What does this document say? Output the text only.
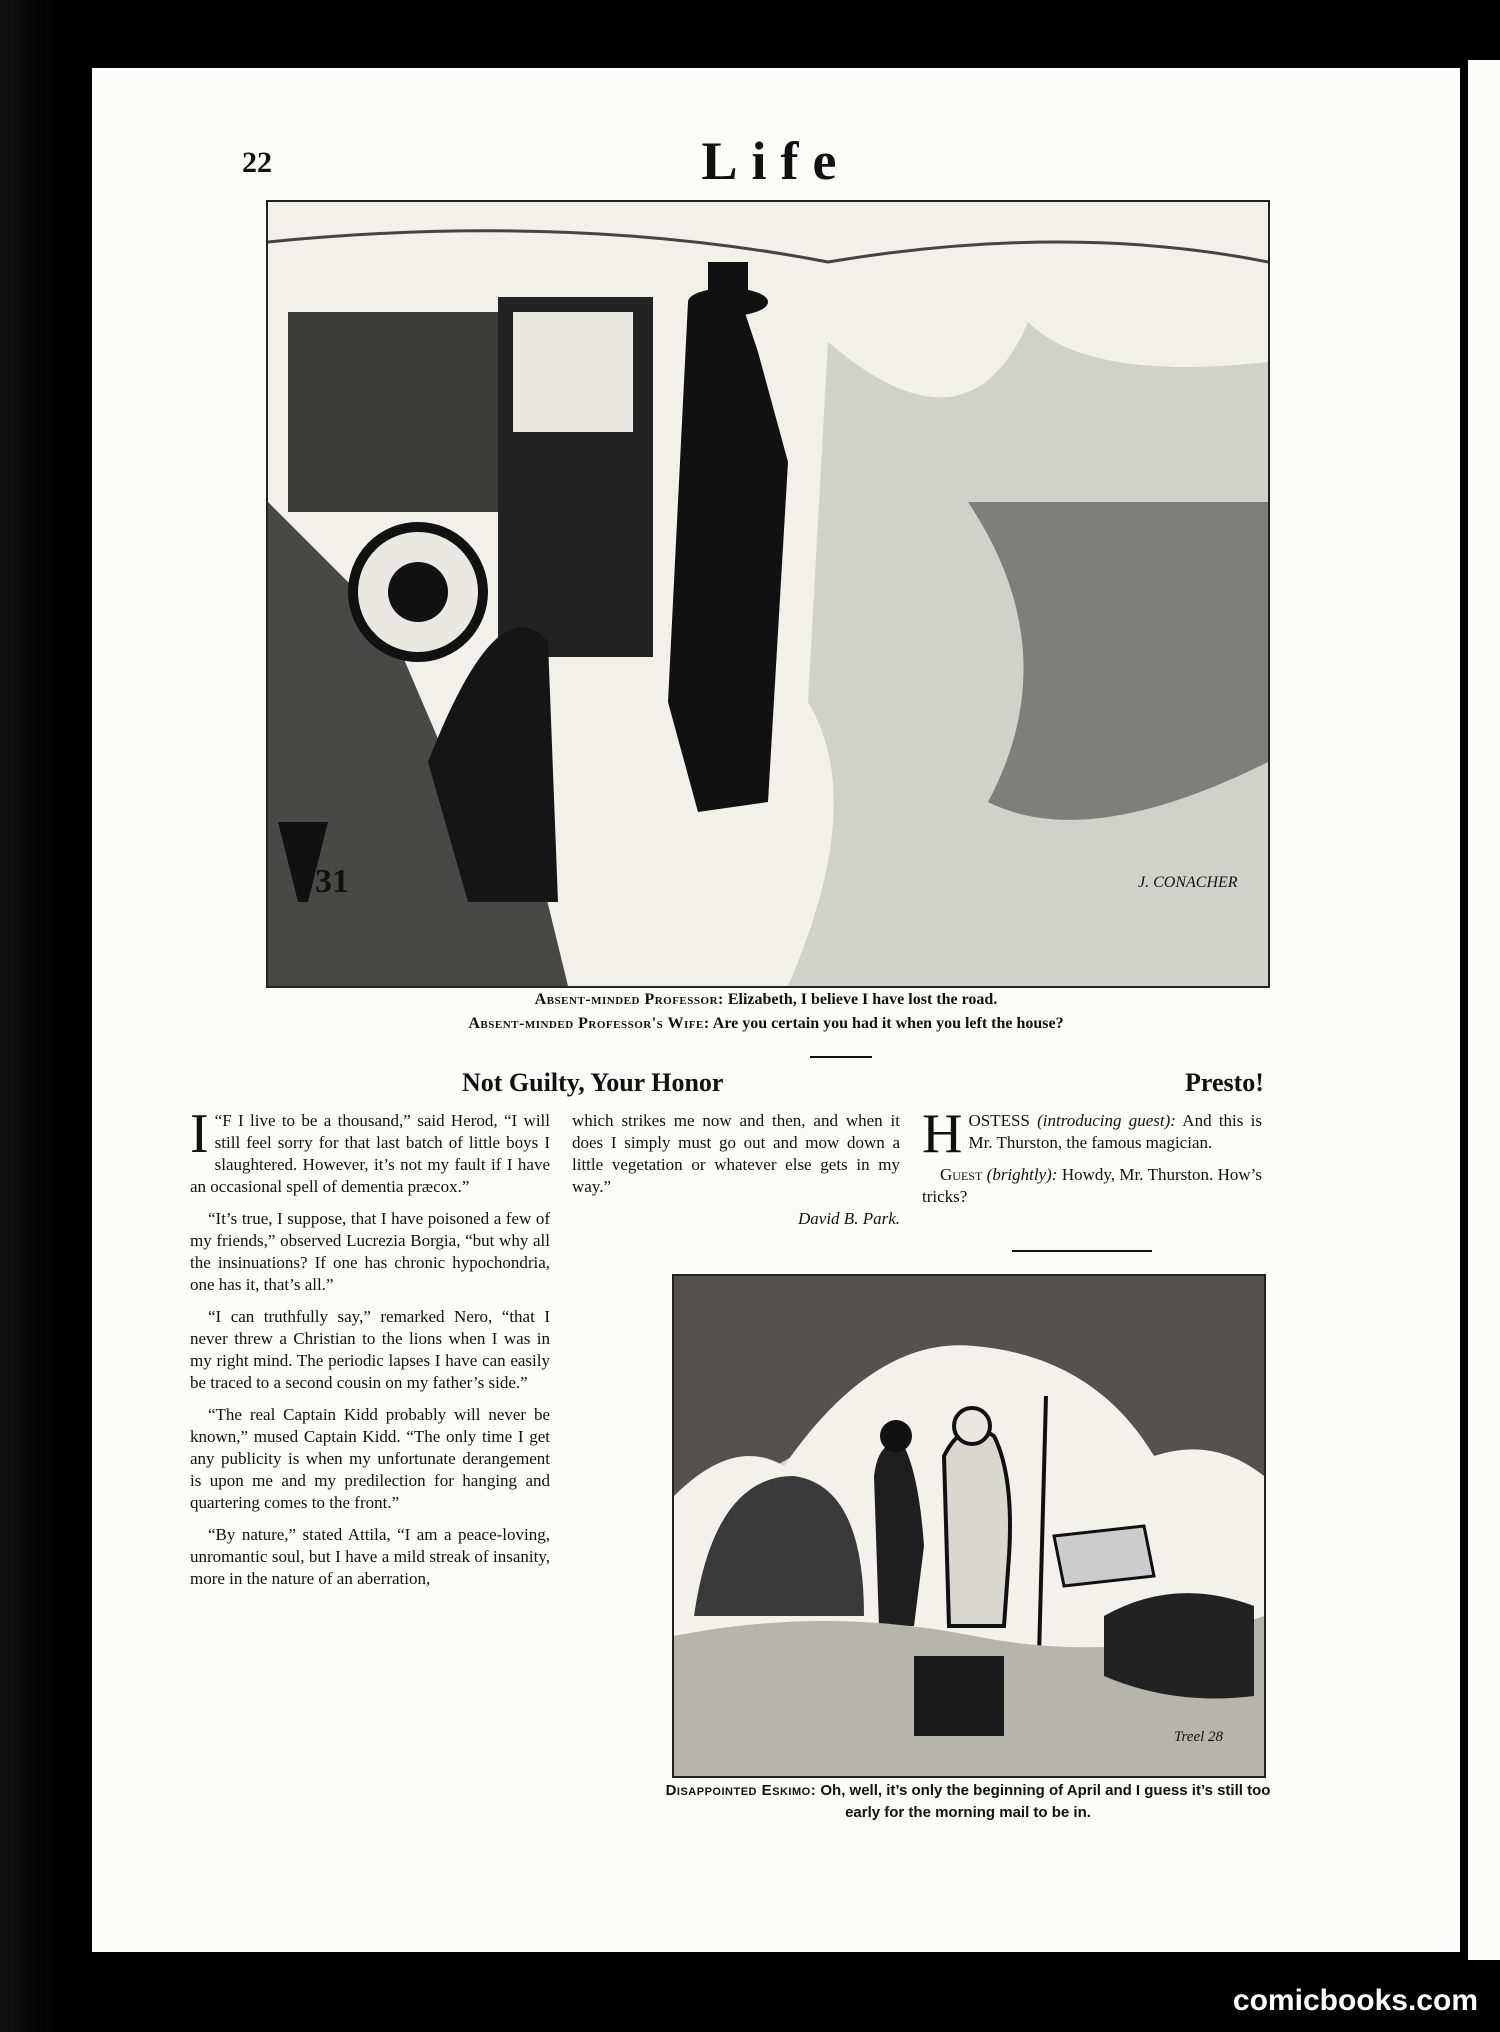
22	Life
731	J. CONACHER
Absent-minded Professor: Elizabeth, I believe I have lost the road.
Absent-minded Professor's Wife: Are you certain you had it when you left the house?
Not Guilty, Your Honor	Presto!

“
I F I live to be a thousand,” said Herod, “I will still feel sorry for that last batch of little boys I slaughtered. However, it’s not my fault if I have an occasional spell of dementia præcox.”

“It’s true, I suppose, that I have poisoned a few of my friends,” observed Lucrezia Borgia, “but why all the insinuations? If one has chronic hypochondria, one has it, that’s all.”

“I can truthfully say,” remarked Nero, “that I never threw a Christian to the lions when I was in my right mind. The periodic lapses I have can easily be traced to a second cousin on my father’s side.”

“The real Captain Kidd probably will never be known,” mused Captain Kidd. “The only time I get any publicity is when my unfortunate derangement is upon me and my predilection for hanging and quartering comes to the front.”

“By nature,” stated Attila, “I am a peace-loving, unromantic soul, but I have a mild streak of insanity, more in the nature of an aberration,

which strikes me now and then, and when it does I simply must go out and mow down a little vegetation or whatever else gets in my way.”

David B. Park.

HOSTESS (introducing guest): And this is Mr. Thurston, the famous magician.

Guest (brightly): Howdy, Mr. Thurston. How’s tricks?

Treel 28
Disappointed Eskimo: Oh, well, it’s only the beginning of April and I guess it’s still too early for the morning mail to be in.
comicbooks.com
